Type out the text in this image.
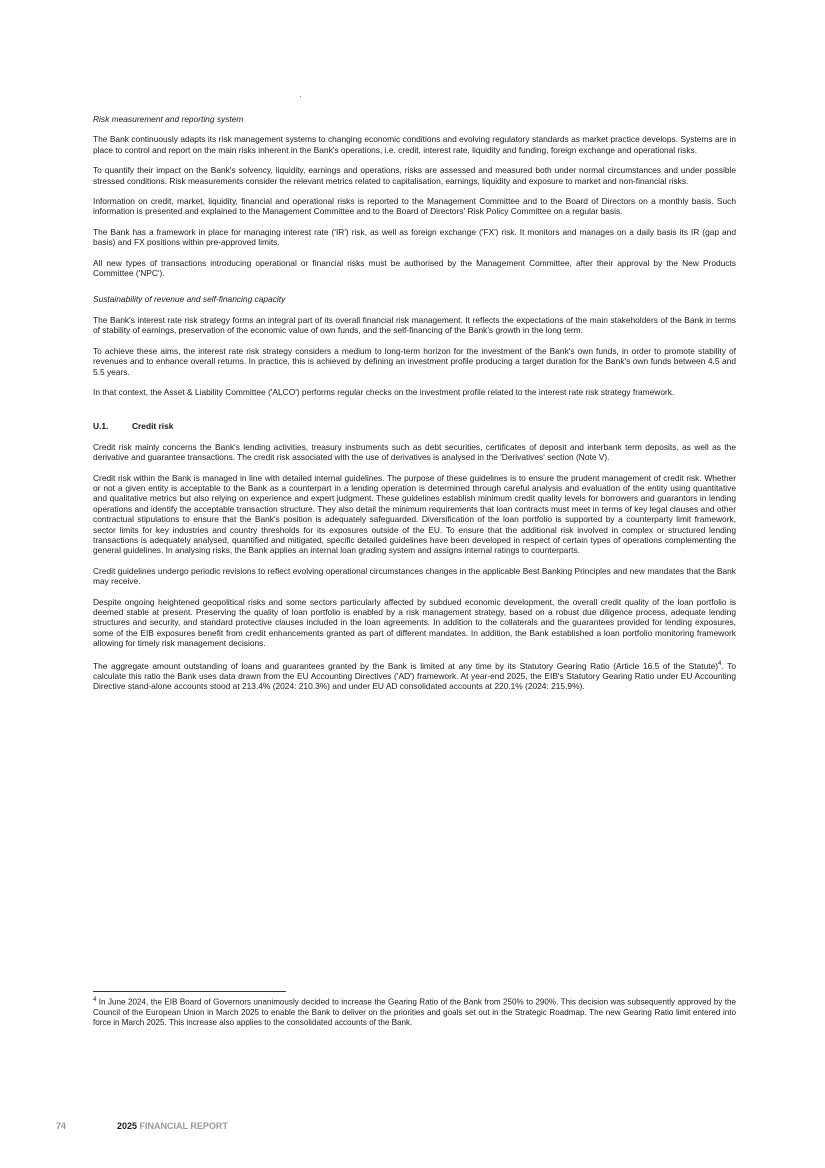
Risk measurement and reporting system

The Bank continuously adapts its risk management systems to changing economic conditions and evolving regulatory standards as market practice develops. Systems are in place to control and report on the main risks inherent in the Bank's operations, i.e. credit, interest rate, liquidity and funding, foreign exchange and operational risks.

To quantify their impact on the Bank's solvency, liquidity, earnings and operations, risks are assessed and measured both under normal circumstances and under possible stressed conditions. Risk measurements consider the relevant metrics related to capitalisation, earnings, liquidity and exposure to market and non-financial risks.

Information on credit, market, liquidity, financial and operational risks is reported to the Management Committee and to the Board of Directors on a monthly basis. Such information is presented and explained to the Management Committee and to the Board of Directors' Risk Policy Committee on a regular basis.

The Bank has a framework in place for managing interest rate ('IR') risk, as well as foreign exchange ('FX') risk. It monitors and manages on a daily basis its IR (gap and basis) and FX positions within pre-approved limits.

All new types of transactions introducing operational or financial risks must be authorised by the Management Committee, after their approval by the New Products Committee ('NPC').

Sustainability of revenue and self-financing capacity

The Bank's interest rate risk strategy forms an integral part of its overall financial risk management. It reflects the expectations of the main stakeholders of the Bank in terms of stability of earnings, preservation of the economic value of own funds, and the self-financing of the Bank's growth in the long term.

To achieve these aims, the interest rate risk strategy considers a medium to long-term horizon for the investment of the Bank's own funds, in order to promote stability of revenues and to enhance overall returns. In practice, this is achieved by defining an investment profile producing a target duration for the Bank's own funds between 4.5 and 5.5 years.

In that context, the Asset & Liability Committee ('ALCO') performs regular checks on the investment profile related to the interest rate risk strategy framework.

U.1.	Credit risk

Credit risk mainly concerns the Bank's lending activities, treasury instruments such as debt securities, certificates of deposit and interbank term deposits, as well as the derivative and guarantee transactions. The credit risk associated with the use of derivatives is analysed in the 'Derivatives' section (Note V).

Credit risk within the Bank is managed in line with detailed internal guidelines. The purpose of these guidelines is to ensure the prudent management of credit risk. Whether or not a given entity is acceptable to the Bank as a counterpart in a lending operation is determined through careful analysis and evaluation of the entity using quantitative and qualitative metrics but also relying on experience and expert judgment. These guidelines establish minimum credit quality levels for borrowers and guarantors in lending operations and identify the acceptable transaction structure. They also detail the minimum requirements that loan contracts must meet in terms of key legal clauses and other contractual stipulations to ensure that the Bank's position is adequately safeguarded. Diversification of the loan portfolio is supported by a counterparty limit framework, sector limits for key industries and country thresholds for its exposures outside of the EU. To ensure that the additional risk involved in complex or structured lending transactions is adequately analysed, quantified and mitigated, specific detailed guidelines have been developed in respect of certain types of operations complementing the general guidelines. In analysing risks, the Bank applies an internal loan grading system and assigns internal ratings to counterparts.

Credit guidelines undergo periodic revisions to reflect evolving operational circumstances changes in the applicable Best Banking Principles and new mandates that the Bank may receive.

Despite ongoing heightened geopolitical risks and some sectors particularly affected by subdued economic development, the overall credit quality of the loan portfolio is deemed stable at present. Preserving the quality of loan portfolio is enabled by a risk management strategy, based on a robust due diligence process, adequate lending structures and security, and standard protective clauses included in the loan agreements. In addition to the collaterals and the guarantees provided for lending exposures, some of the EIB exposures benefit from credit enhancements granted as part of different mandates. In addition, the Bank established a loan portfolio monitoring framework allowing for timely risk management decisions.

The aggregate amount outstanding of loans and guarantees granted by the Bank is limited at any time by its Statutory Gearing Ratio (Article 16.5 of the Statute)$^4$. To calculate this ratio the Bank uses data drawn from the EU Accounting Directives ('AD') framework. At year-end 2025, the EIB's Statutory Gearing Ratio under EU Accounting Directive stand-alone accounts stood at 213.4% (2024: 210.3%) and under EU AD consolidated accounts at 220.1% (2024: 215.9%).

$^4$ In June 2024, the EIB Board of Governors unanimously decided to increase the Gearing Ratio of the Bank from 250% to 290%. This decision was subsequently approved by the Council of the European Union in March 2025 to enable the Bank to deliver on the priorities and goals set out in the Strategic Roadmap. The new Gearing Ratio limit entered into force in March 2025. This increase also applies to the consolidated accounts of the Bank.
74	2025 FINANCIAL REPORT
